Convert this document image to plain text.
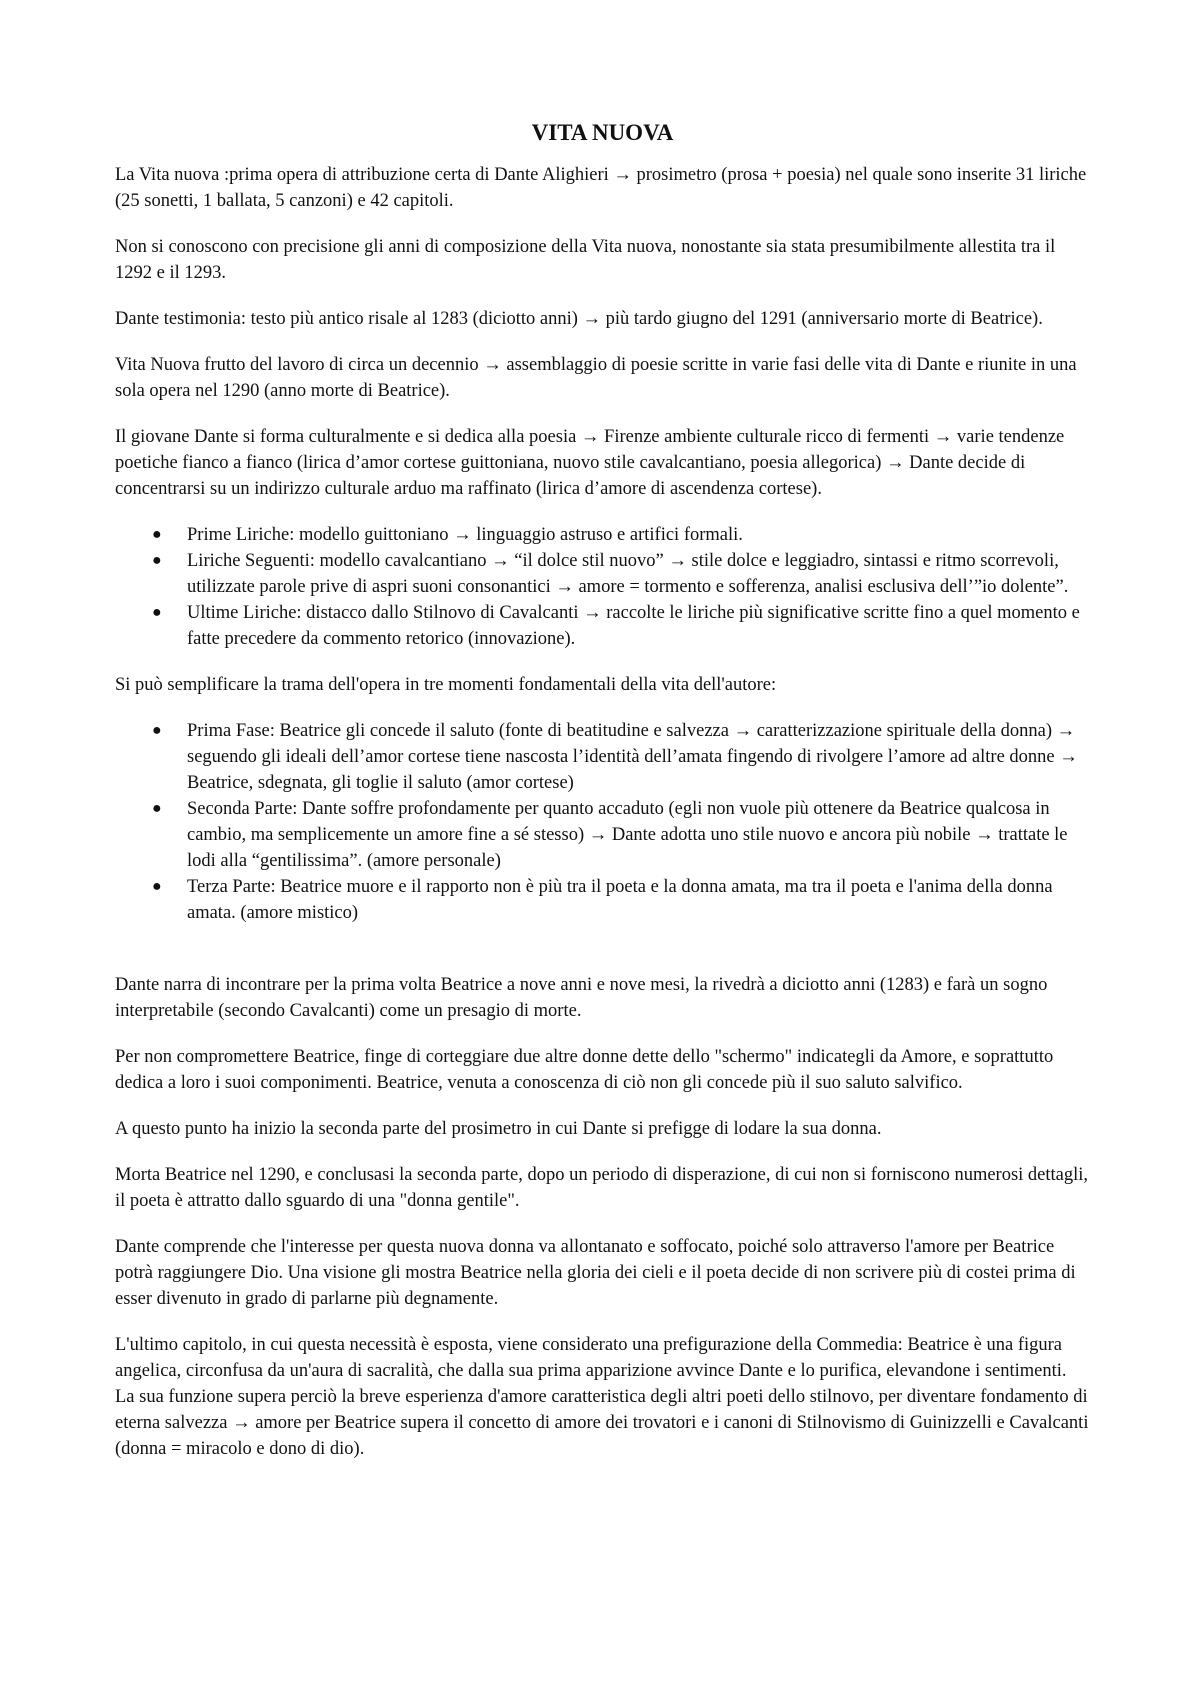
VITA NUOVA

La Vita nuova :prima opera di attribuzione certa di Dante Alighieri → prosimetro (prosa + poesia) nel quale sono inserite 31 liriche (25 sonetti, 1 ballata, 5 canzoni) e 42 capitoli.

Non si conoscono con precisione gli anni di composizione della Vita nuova, nonostante sia stata presumibilmente allestita tra il 1292 e il 1293.

Dante testimonia: testo più antico risale al 1283 (diciotto anni) → più tardo giugno del 1291 (anniversario morte di Beatrice).

Vita Nuova frutto del lavoro di circa un decennio → assemblaggio di poesie scritte in varie fasi delle vita di Dante e riunite in una sola opera nel 1290 (anno morte di Beatrice).

Il giovane Dante si forma culturalmente e si dedica alla poesia → Firenze ambiente culturale ricco di fermenti → varie tendenze poetiche fianco a fianco (lirica d’amor cortese guittoniana, nuovo stile cavalcantiano, poesia allegorica) → Dante decide di concentrarsi su un indirizzo culturale arduo ma raffinato (lirica d’amore di ascendenza cortese).

● Prime Liriche: modello guittoniano → linguaggio astruso e artifici formali.
● Liriche Seguenti: modello cavalcantiano → “il dolce stil nuovo” → stile dolce e leggiadro, sintassi e ritmo scorrevoli, utilizzate parole prive di aspri suoni consonantici → amore = tormento e sofferenza, analisi esclusiva dell’”io dolente”.
● Ultime Liriche: distacco dallo Stilnovo di Cavalcanti → raccolte le liriche più significative scritte fino a quel momento e fatte precedere da commento retorico (innovazione).

Si può semplificare la trama dell'opera in tre momenti fondamentali della vita dell'autore:

● Prima Fase: Beatrice gli concede il saluto (fonte di beatitudine e salvezza → caratterizzazione spirituale della donna) → seguendo gli ideali dell’amor cortese tiene nascosta l’identità dell’amata fingendo di rivolgere l’amore ad altre donne → Beatrice, sdegnata, gli toglie il saluto (amor cortese)
● Seconda Parte: Dante soffre profondamente per quanto accaduto (egli non vuole più ottenere da Beatrice qualcosa in cambio, ma semplicemente un amore fine a sé stesso) → Dante adotta uno stile nuovo e ancora più nobile → trattate le lodi alla “gentilissima”. (amore personale)
● Terza Parte: Beatrice muore e il rapporto non è più tra il poeta e la donna amata, ma tra il poeta e l'anima della donna amata. (amore mistico)

Dante narra di incontrare per la prima volta Beatrice a nove anni e nove mesi, la rivedrà a diciotto anni (1283) e farà un sogno interpretabile (secondo Cavalcanti) come un presagio di morte.

Per non compromettere Beatrice, finge di corteggiare due altre donne dette dello "schermo" indicategli da Amore, e soprattutto dedica a loro i suoi componimenti. Beatrice, venuta a conoscenza di ciò non gli concede più il suo saluto salvifico.

A questo punto ha inizio la seconda parte del prosimetro in cui Dante si prefigge di lodare la sua donna.

Morta Beatrice nel 1290, e conclusasi la seconda parte, dopo un periodo di disperazione, di cui non si forniscono numerosi dettagli, il poeta è attratto dallo sguardo di una "donna gentile".

Dante comprende che l'interesse per questa nuova donna va allontanato e soffocato, poiché solo attraverso l'amore per Beatrice potrà raggiungere Dio. Una visione gli mostra Beatrice nella gloria dei cieli e il poeta decide di non scrivere più di costei prima di esser divenuto in grado di parlarne più degnamente.

L'ultimo capitolo, in cui questa necessità è esposta, viene considerato una prefigurazione della Commedia: Beatrice è una figura angelica, circonfusa da un'aura di sacralità, che dalla sua prima apparizione avvince Dante e lo purifica, elevandone i sentimenti. La sua funzione supera perciò la breve esperienza d'amore caratteristica degli altri poeti dello stilnovo, per diventare fondamento di eterna salvezza → amore per Beatrice supera il concetto di amore dei trovatori e i canoni di Stilnovismo di Guinizzelli e Cavalcanti (donna = miracolo e dono di dio).
